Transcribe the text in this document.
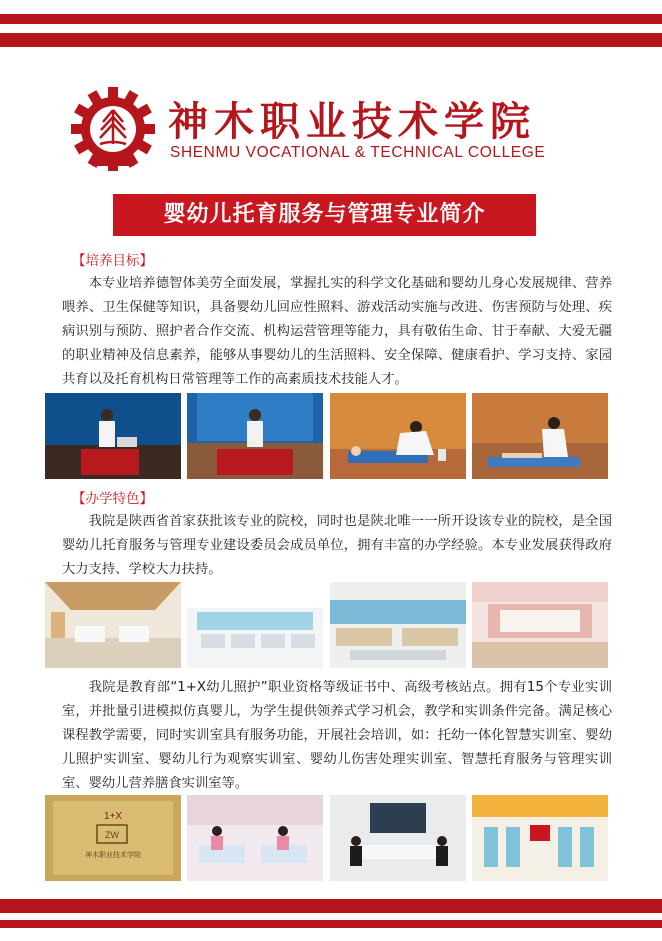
神木职业技术学院
SHENMU VOCATIONAL & TECHNICAL COLLEGE
婴幼儿托育服务与管理专业简介
【培养目标】
本专业培养德智体美劳全面发展，掌握扎实的科学文化基础和婴幼儿身心发展规律、营养喂养、卫生保健等知识，具备婴幼儿回应性照料、游戏活动实施与改进、伤害预防与处理、疾病识别与预防、照护者合作交流、机构运营管理等能力，具有敬佑生命、甘于奉献、大爱无疆的职业精神及信息素养，能够从事婴幼儿的生活照料、安全保障、健康看护、学习支持、家园共育以及托育机构日常管理等工作的高素质技术技能人才。
【办学特色】
我院是陕西省首家获批该专业的院校，同时也是陕北唯一一所开设该专业的院校，是全国婴幼儿托育服务与管理专业建设委员会成员单位，拥有丰富的办学经验。本专业发展获得政府大力支持、学校大力扶持。
我院是教育部“1+X幼儿照护”职业资格等级证书中、高级考核站点。拥有15个专业实训室，并批量引进模拟仿真婴儿，为学生提供领养式学习机会，教学和实训条件完备。满足核心课程教学需要，同时实训室具有服务功能，开展社会培训，如：托幼一体化智慧实训室、婴幼儿照护实训室、婴幼儿行为观察实训室、婴幼儿伤害处理实训室、智慧托育服务与管理实训室、婴幼儿营养膳食实训室等。
1+X
ZW
神木职业技术学院
